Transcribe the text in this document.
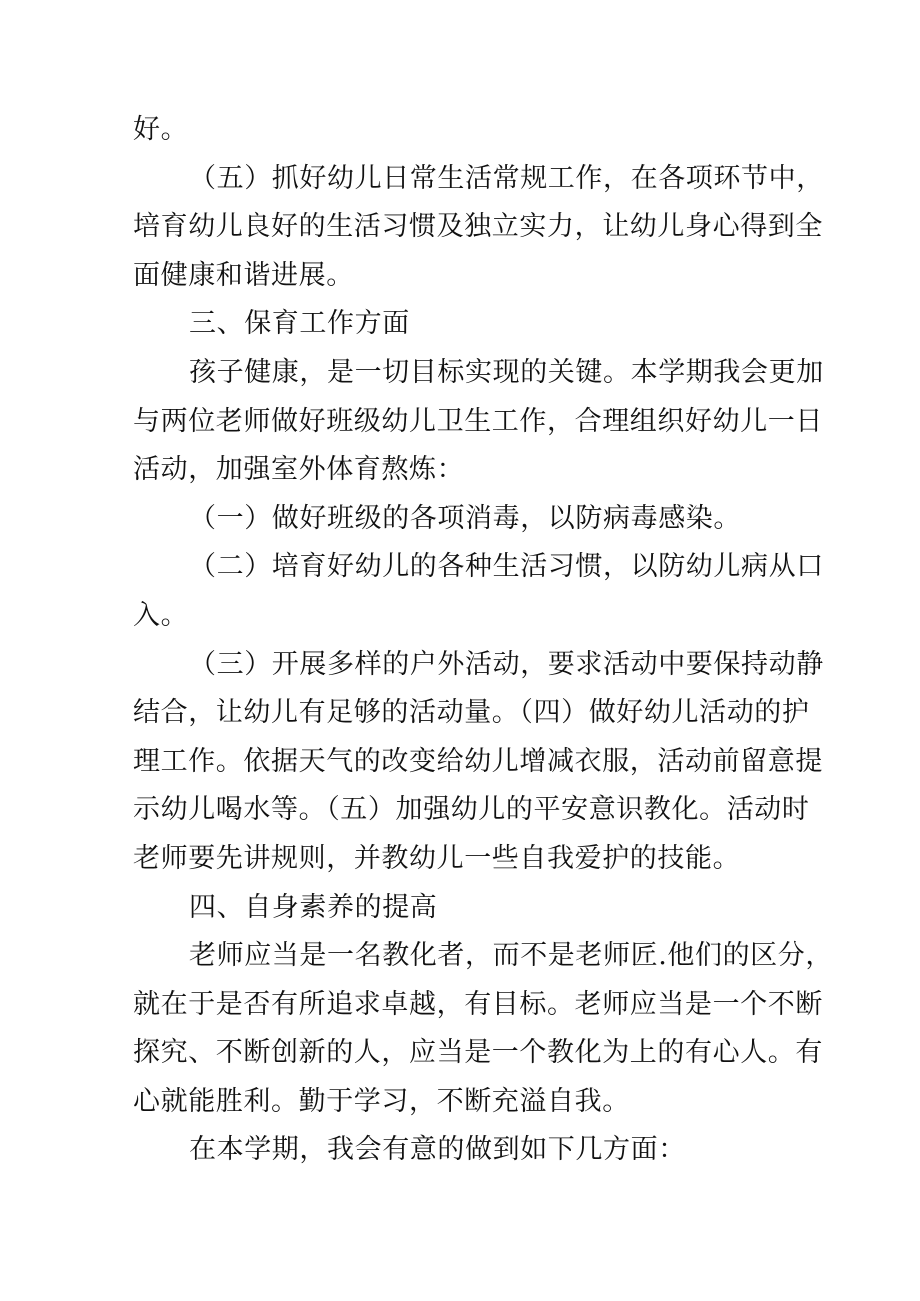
好。
（五）抓好幼儿日常生活常规工作，在各项环节中，
培育幼儿良好的生活习惯及独立实力，让幼儿身心得到全
面健康和谐进展。
三、保育工作方面
孩子健康，是一切目标实现的关键。本学期我会更加
与两位老师做好班级幼儿卫生工作，合理组织好幼儿一日
活动，加强室外体育熬炼：
（一）做好班级的各项消毒，以防病毒感染。
（二）培育好幼儿的各种生活习惯，以防幼儿病从口
入。
（三）开展多样的户外活动，要求活动中要保持动静
结合，让幼儿有足够的活动量。（四）做好幼儿活动的护
理工作。依据天气的改变给幼儿增减衣服，活动前留意提
示幼儿喝水等。（五）加强幼儿的平安意识教化。活动时
老师要先讲规则，并教幼儿一些自我爱护的技能。
四、自身素养的提高
老师应当是一名教化者，而不是老师匠.他们的区分，
就在于是否有所追求卓越，有目标。老师应当是一个不断
探究、不断创新的人，应当是一个教化为上的有心人。有
心就能胜利。勤于学习，不断充溢自我。
在本学期，我会有意的做到如下几方面：
